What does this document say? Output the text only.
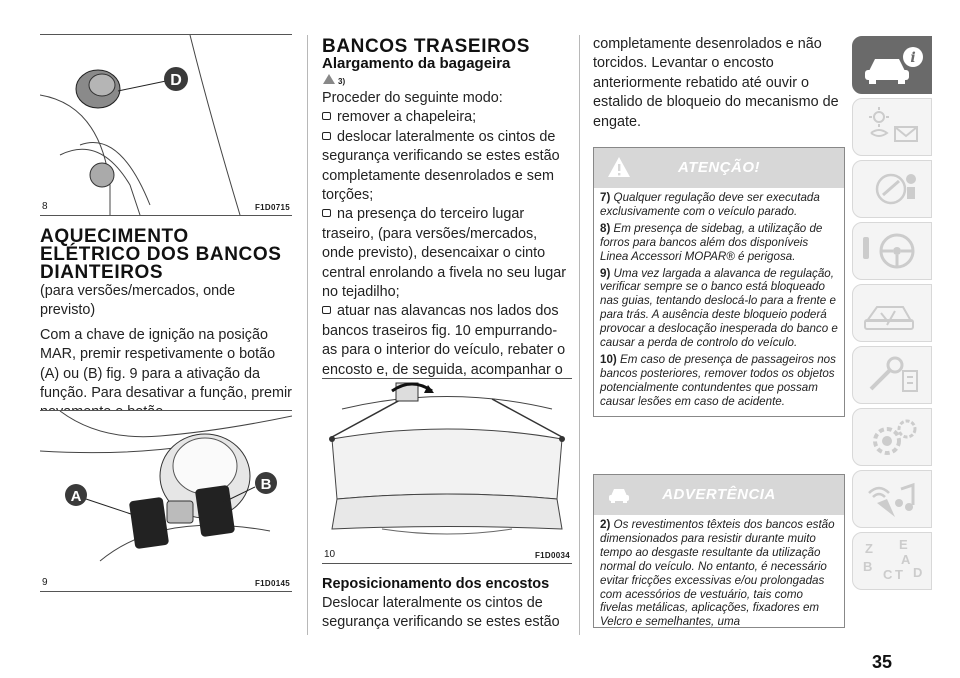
D
8	F1D0715
AQUECIMENTO ELÉTRICO DOS BANCOS DIANTEIROS

(para versões/mercados, onde previsto)

Com a chave de ignição na posição MAR, premir respetivamente o botão (A) ou (B) fig. 9 para a ativação da função. Para desativar a função, premir

A
B
9	F1D0145
BANCOS TRASEIROS
Alargamento da bagageira
3)

Proceder do seguinte modo:

remover a chapeleira;
deslocar lateralmente os cintos de segurança verificando se estes estão completamente desenrolados e sem torções;
na presença do terceiro lugar traseiro, (para versões/mercados, onde previsto), desencaixar o cinto central enrolando a fivela no seu lugar no tejadilho;
atuar nas alavancas nos lados dos bancos traseiros fig. 10 empurrando-as para o interior do veículo, rebater o encosto e, de seguida, acompanhar o
10	F1D0034
Reposicionamento dos encostos

Deslocar lateralmente os cintos de segurança verificando se estes estão

completamente desenrolados e não torcidos. Levantar o encosto anteriormente rebatido até ouvir o estalido de bloqueio do mecanismo de engate.

ATENÇÃO!

7) Qualquer regulação deve ser executada exclusivamente com o veículo parado.

8) Em presença de sidebag, a utilização de forros para bancos além dos disponíveis Linea Accessori MOPAR® é perigosa.

9) Uma vez largada a alavanca de regulação, verificar sempre se o banco está bloqueado nas guias, tentando deslocá-lo para a frente e para trás. A ausência deste bloqueio poderá provocar a deslocação inesperada do banco e causar a perda de controlo do veículo.

10) Em caso de presença de passageiros nos bancos posteriores, remover todos os objetos potencialmente contundentes que possam causar lesões em caso de acidente.

ADVERTÊNCIA

2) Os revestimentos têxteis dos bancos estão dimensionados para resistir durante muito tempo ao desgaste resultante da utilização normal do veículo. No entanto, é necessário evitar fricções excessivas e/ou prolongadas com acessórios de vestuário, tais como fivelas metálicas, aplicações, fixadores em Velcro e semelhantes, uma

i
Z E
A
B
C T D
35
